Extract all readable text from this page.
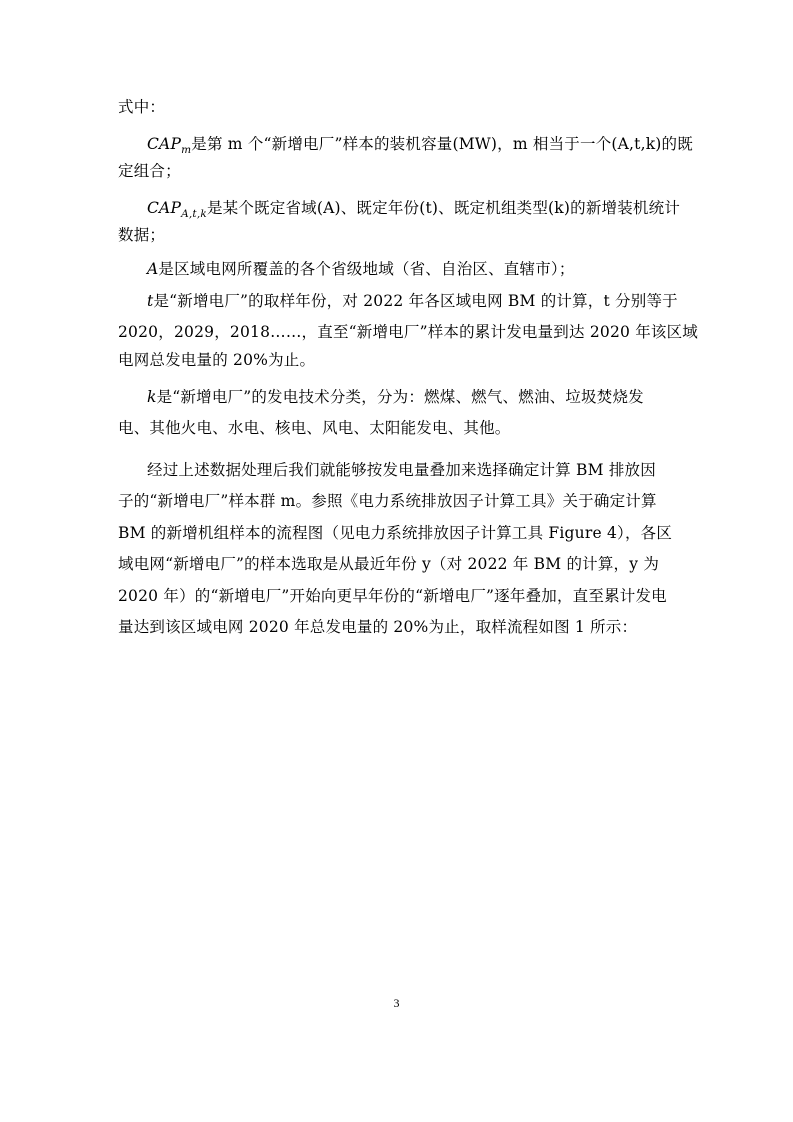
式中：
$CAP_m$是第 m 个“新增电厂”样本的装机容量(MW)，m 相当于一个(A,t,k)的既
定组合；
$CAP_{A,t,k}$是某个既定省域(A)、既定年份(t)、既定机组类型(k)的新增装机统计
数据；
A是区域电网所覆盖的各个省级地域（省、自治区、直辖市）；
t是“新增电厂”的取样年份，对 2022 年各区域电网 BM 的计算，t 分别等于
2020，2029，2018……，直至“新增电厂”样本的累计发电量到达 2020 年该区域
电网总发电量的 20%为止。
k是“新增电厂”的发电技术分类，分为：燃煤、燃气、燃油、垃圾焚烧发
电、其他火电、水电、核电、风电、太阳能发电、其他。
经过上述数据处理后我们就能够按发电量叠加来选择确定计算 BM 排放因
子的“新增电厂”样本群 m。参照《电力系统排放因子计算工具》关于确定计算
BM 的新增机组样本的流程图（见电力系统排放因子计算工具 Figure 4），各区
域电网“新增电厂”的样本选取是从最近年份 y（对 2022 年 BM 的计算，y 为
2020 年）的“新增电厂”开始向更早年份的“新增电厂”逐年叠加，直至累计发电
量达到该区域电网 2020 年总发电量的 20%为止，取样流程如图 1 所示：
3
